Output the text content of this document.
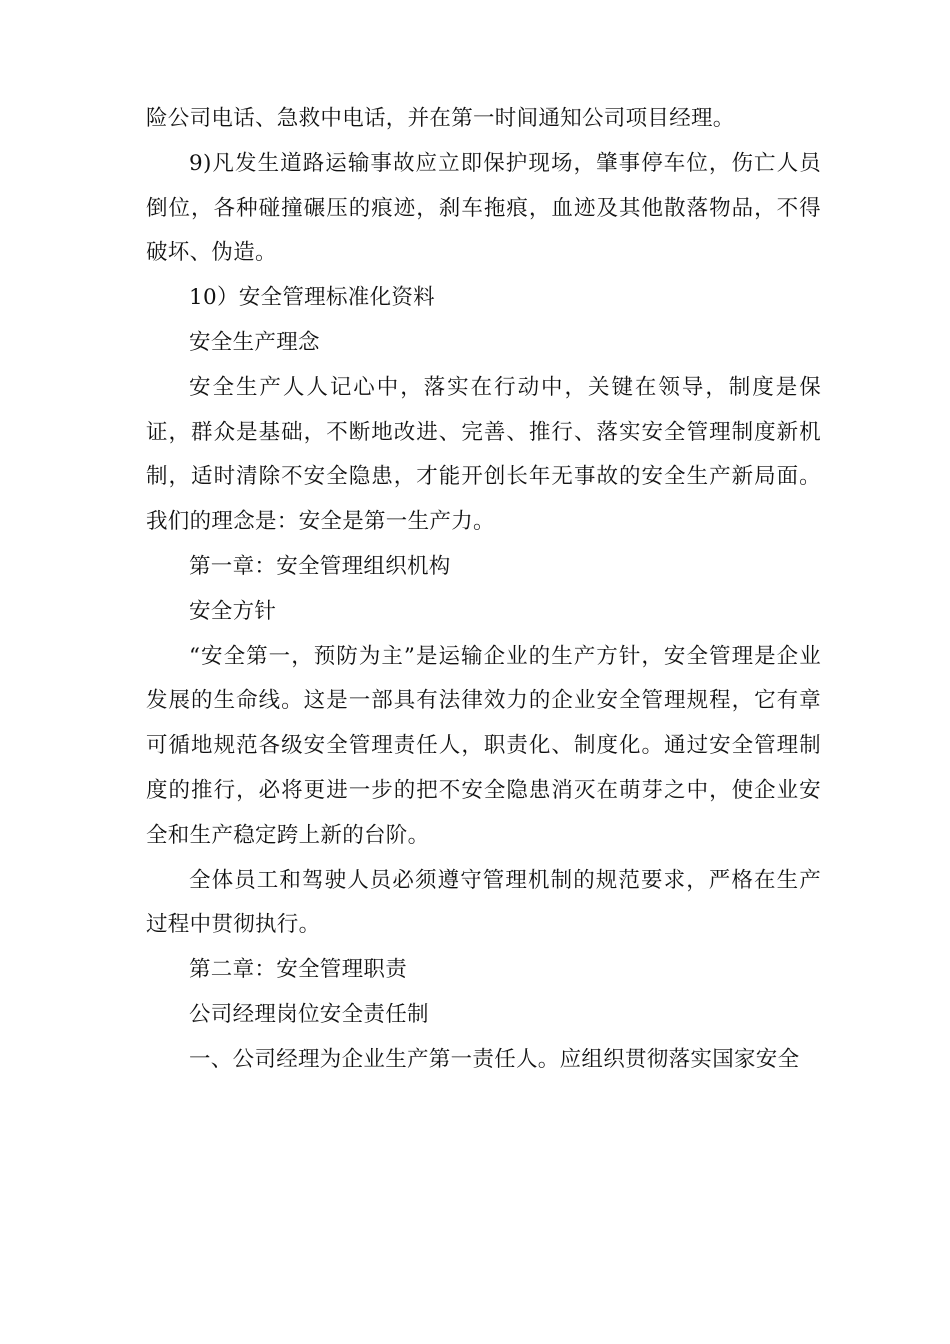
险公司电话、急救中电话，并在第一时间通知公司项目经理。

9)凡发生道路运输事故应立即保护现场，肇事停车位，伤亡人员倒位，各种碰撞碾压的痕迹，刹车拖痕，血迹及其他散落物品，不得破坏、伪造。

10）安全管理标准化资料

安全生产理念

安全生产人人记心中，落实在行动中，关键在领导，制度是保证，群众是基础，不断地改进、完善、推行、落实安全管理制度新机制，适时清除不安全隐患，才能开创长年无事故的安全生产新局面。我们的理念是：安全是第一生产力。

第一章：安全管理组织机构

安全方针

“安全第一，预防为主”是运输企业的生产方针，安全管理是企业发展的生命线。这是一部具有法律效力的企业安全管理规程，它有章可循地规范各级安全管理责任人，职责化、制度化。通过安全管理制度的推行，必将更进一步的把不安全隐患消灭在萌芽之中，使企业安全和生产稳定跨上新的台阶。

全体员工和驾驶人员必须遵守管理机制的规范要求，严格在生产过程中贯彻执行。

第二章：安全管理职责

公司经理岗位安全责任制

一、公司经理为企业生产第一责任人。应组织贯彻落实国家安全
